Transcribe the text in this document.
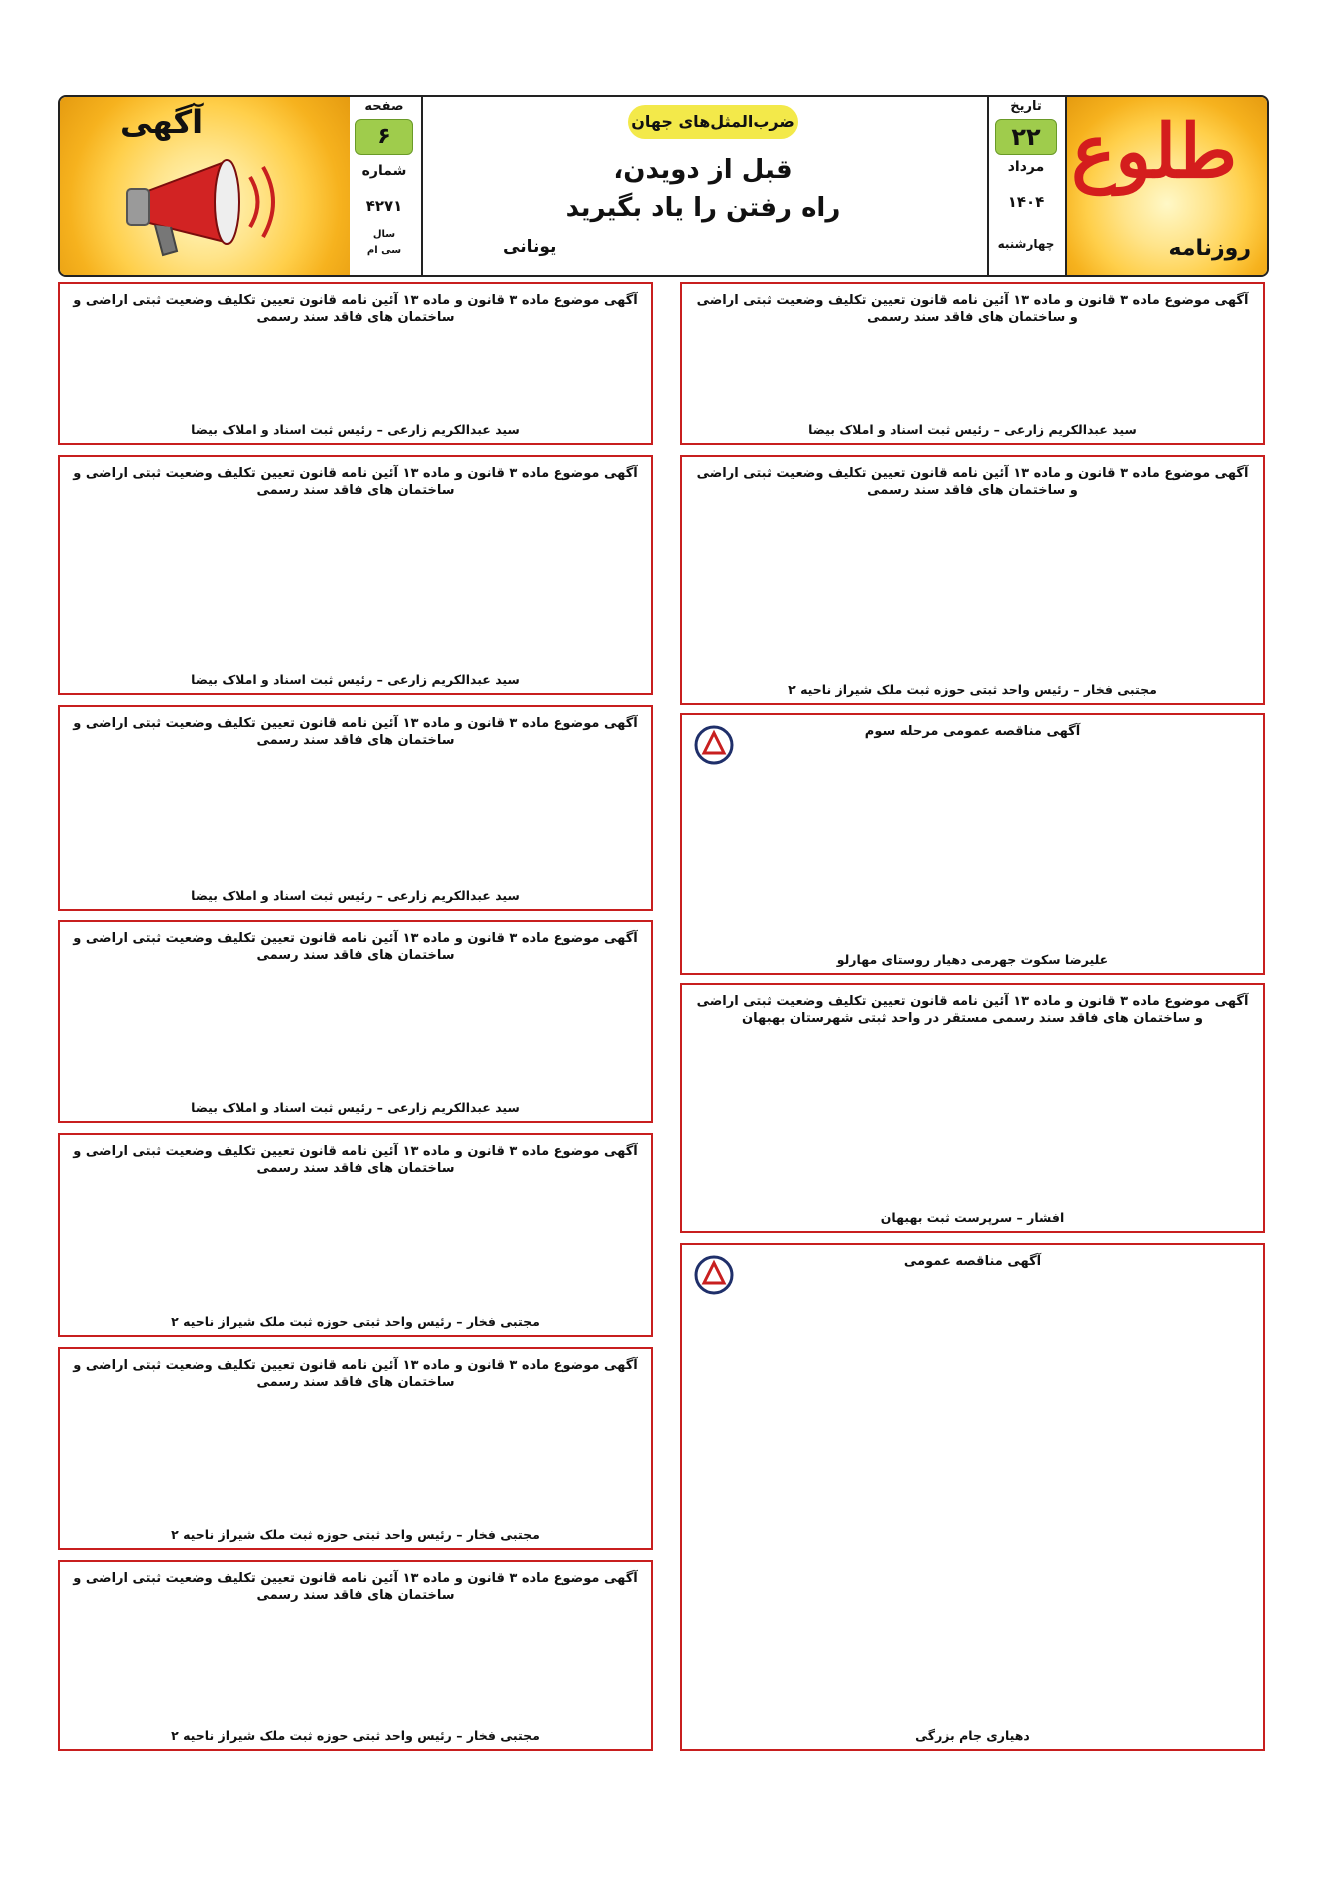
طلوع
روزنامه
تاریخ
۲۲
مرداد
۱۴۰۴
چهارشنبه
ضرب‌المثل‌های جهان
قبل از دویدن،
راه رفتن را یاد بگیرید
یونانی
صفحه
۶
شماره
۴۲۷۱
سال
سی ام
آگهی
آگهی موضوع ماده ۳ قانون و ماده ۱۳ آئین نامه قانون تعیین تکلیف وضعیت ثبتی اراضی و ساختمان های فاقد سند رسمی
سید عبدالکریم زارعی – رئیس ثبت اسناد و املاک بیضا
آگهی موضوع ماده ۳ قانون و ماده ۱۳ آئین نامه قانون تعیین تکلیف وضعیت ثبتی اراضی و ساختمان های فاقد سند رسمی
مجتبی فخار – رئیس واحد ثبتی حوزه ثبت ملک شیراز ناحیه ۲
آگهی مناقصه عمومی مرحله سوم
علیرضا سکوت جهرمی دهیار روستای مهارلو
آگهی موضوع ماده ۳ قانون و ماده ۱۳ آئین نامه قانون تعیین تکلیف وضعیت ثبتی اراضی و ساختمان های فاقد سند رسمی مستقر در واحد ثبتی شهرستان بهبهان
افشار – سرپرست ثبت بهبهان
آگهی مناقصه عمومی
دهیاری جام بزرگی
آگهی موضوع ماده ۳ قانون و ماده ۱۳ آئین نامه قانون تعیین تکلیف وضعیت ثبتی اراضی و ساختمان های فاقد سند رسمی
سید عبدالکریم زارعی – رئیس ثبت اسناد و املاک بیضا
آگهی موضوع ماده ۳ قانون و ماده ۱۳ آئین نامه قانون تعیین تکلیف وضعیت ثبتی اراضی و ساختمان های فاقد سند رسمی
سید عبدالکریم زارعی – رئیس ثبت اسناد و املاک بیضا
آگهی موضوع ماده ۳ قانون و ماده ۱۳ آئین نامه قانون تعیین تکلیف وضعیت ثبتی اراضی و ساختمان های فاقد سند رسمی
سید عبدالکریم زارعی – رئیس ثبت اسناد و املاک بیضا
آگهی موضوع ماده ۳ قانون و ماده ۱۳ آئین نامه قانون تعیین تکلیف وضعیت ثبتی اراضی و ساختمان های فاقد سند رسمی
سید عبدالکریم زارعی – رئیس ثبت اسناد و املاک بیضا
آگهی موضوع ماده ۳ قانون و ماده ۱۳ آئین نامه قانون تعیین تکلیف وضعیت ثبتی اراضی و ساختمان های فاقد سند رسمی
مجتبی فخار – رئیس واحد ثبتی حوزه ثبت ملک شیراز ناحیه ۲
آگهی موضوع ماده ۳ قانون و ماده ۱۳ آئین نامه قانون تعیین تکلیف وضعیت ثبتی اراضی و ساختمان های فاقد سند رسمی
مجتبی فخار – رئیس واحد ثبتی حوزه ثبت ملک شیراز ناحیه ۲
آگهی موضوع ماده ۳ قانون و ماده ۱۳ آئین نامه قانون تعیین تکلیف وضعیت ثبتی اراضی و ساختمان های فاقد سند رسمی
مجتبی فخار – رئیس واحد ثبتی حوزه ثبت ملک شیراز ناحیه ۲
